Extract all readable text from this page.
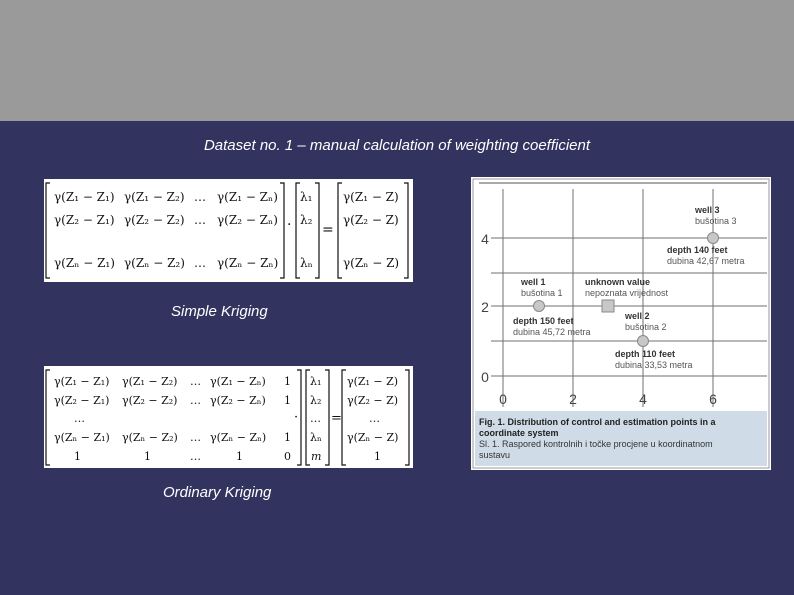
Dataset no. 1 – manual calculation of weighting coefficient
γ(Z₁ − Z₁) γ(Z₁ − Z₂) … γ(Z₁ − Zₙ)
γ(Z₂ − Z₁) γ(Z₂ − Z₂) … γ(Z₂ − Zₙ)
γ(Zₙ − Z₁) γ(Zₙ − Z₂) … γ(Zₙ − Zₙ)
·
λ₁
λ₂
λₙ
=
γ(Z₁ − Z)
γ(Z₂ − Z)
γ(Zₙ − Z)
Simple Kriging
γ(Z₁ − Z₁) γ(Z₁ − Z₂) … γ(Z₁ − Zₙ) 1
γ(Z₂ − Z₁) γ(Z₂ − Z₂) … γ(Z₂ − Zₙ) 1
…
γ(Zₙ − Z₁) γ(Zₙ − Z₂) … γ(Zₙ − Zₙ) 1
1	1	…	1	0
·
λ₁
λ₂
…
λₙ
m
=
γ(Z₁ − Z)
γ(Z₂ − Z)
…
γ(Zₙ − Z)
1
Ordinary Kriging
4
2
0
0	2	4	6
well 3
bušotina 3
depth 140 feet
dubina 42,67 metra
well 1
bušotina 1
depth 150 feet
dubina 45,72 metra
unknown value
nepoznata vrijednost
well 2
bušotina 2
depth 110 feet
dubina 33,53 metra
Fig. 1. Distribution of control and estimation points in a
coordinate system
Sl. 1. Raspored kontrolnih i točke procjene u koordinatnom
sustavu
